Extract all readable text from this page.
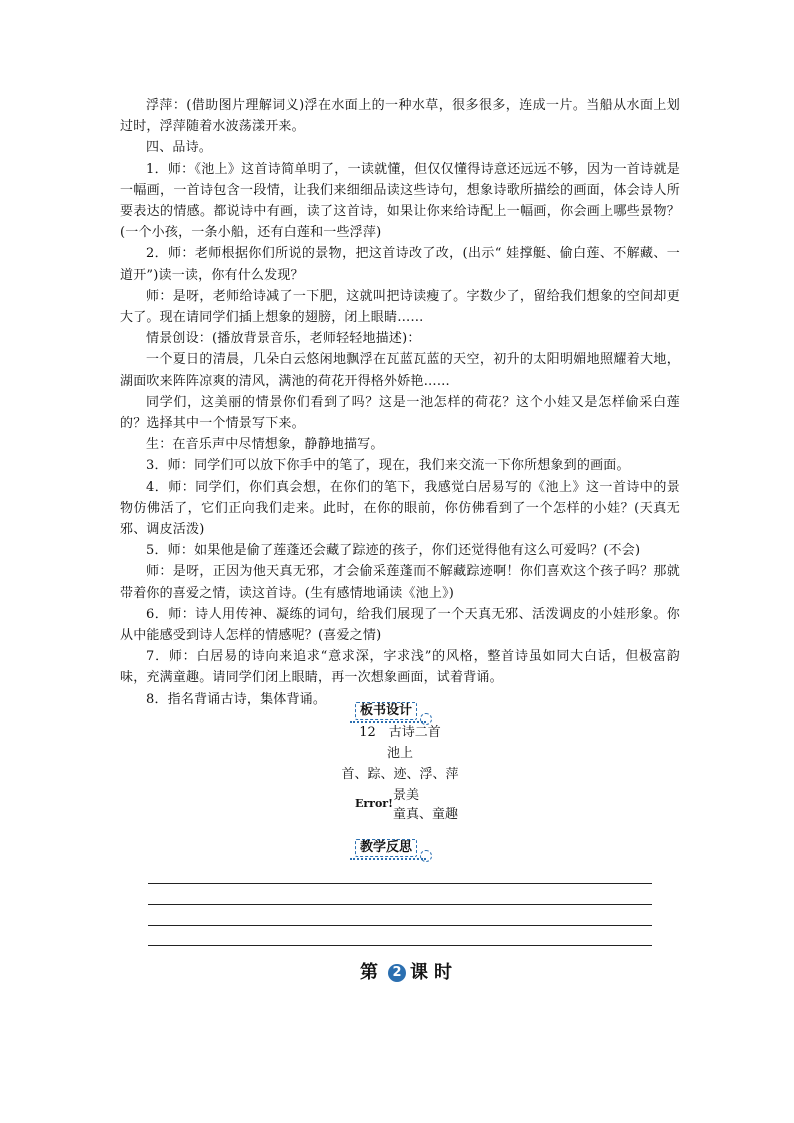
浮萍：(借助图片理解词义)浮在水面上的一种水草，很多很多，连成一片。当船从水面上划过时，浮萍随着水波荡漾开来。

四、品诗。

1．师：《池上》这首诗简单明了，一读就懂，但仅仅懂得诗意还远远不够，因为一首诗就是一幅画，一首诗包含一段情，让我们来细细品读这些诗句，想象诗歌所描绘的画面，体会诗人所要表达的情感。都说诗中有画，读了这首诗，如果让你来给诗配上一幅画，你会画上哪些景物？(一个小孩，一条小船，还有白莲和一些浮萍)

2．师：老师根据你们所说的景物，把这首诗改了改，(出示“ 娃撑艇、偷白莲、不解藏、一道开”)读一读，你有什么发现？

师：是呀，老师给诗减了一下肥，这就叫把诗读瘦了。字数少了，留给我们想象的空间却更大了。现在请同学们插上想象的翅膀，闭上眼睛……

情景创设：(播放背景音乐，老师轻轻地描述)：

一个夏日的清晨，几朵白云悠闲地飘浮在瓦蓝瓦蓝的天空，初升的太阳明媚地照耀着大地，湖面吹来阵阵凉爽的清风，满池的荷花开得格外娇艳……

同学们，这美丽的情景你们看到了吗？这是一池怎样的荷花？这个小娃又是怎样偷采白莲的？选择其中一个情景写下来。

生：在音乐声中尽情想象，静静地描写。

3．师：同学们可以放下你手中的笔了，现在，我们来交流一下你所想象到的画面。

4．师：同学们，你们真会想，在你们的笔下，我感觉白居易写的《池上》这一首诗中的景物仿佛活了，它们正向我们走来。此时，在你的眼前，你仿佛看到了一个怎样的小娃？(天真无邪、调皮活泼)

5．师：如果他是偷了莲蓬还会藏了踪迹的孩子，你们还觉得他有这么可爱吗？(不会)

师：是呀，正因为他天真无邪，才会偷采莲蓬而不解藏踪迹啊！你们喜欢这个孩子吗？那就带着你的喜爱之情，读这首诗。(生有感情地诵读《池上》)

6．师：诗人用传神、凝练的词句，给我们展现了一个天真无邪、活泼调皮的小娃形象。你从中能感受到诗人怎样的情感呢？(喜爱之情)

7．师：白居易的诗向来追求“意求深，字求浅”的风格，整首诗虽如同大白话，但极富韵味，充满童趣。请同学们闭上眼睛，再一次想象画面，试着背诵。

8．指名背诵古诗，集体背诵。

板书设计
12　古诗二首
池上
首、踪、迹、浮、萍
Error!
景美
童真、童趣
教学反思
第 2 课时
